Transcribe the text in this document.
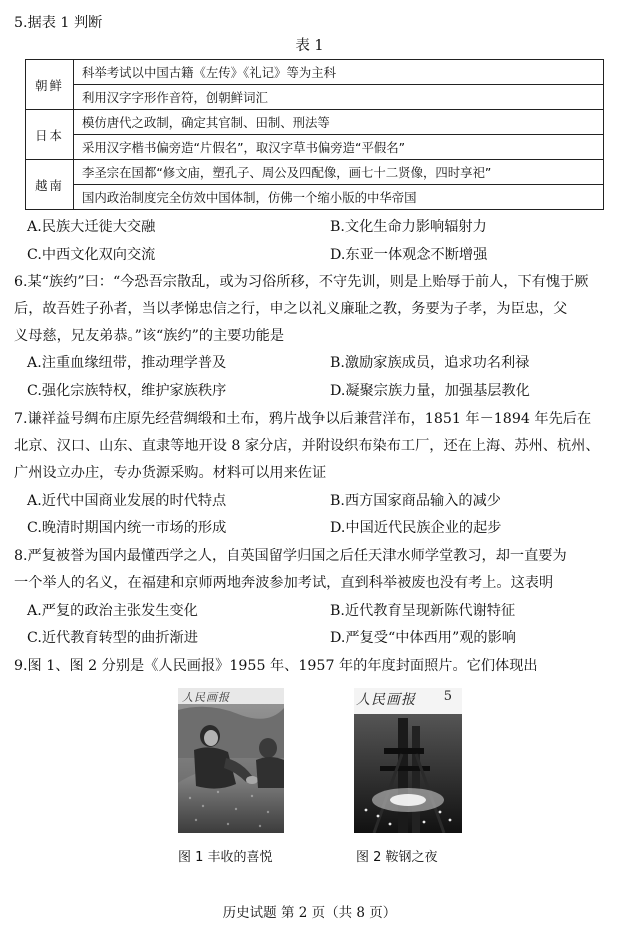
5.据表 1 判断
表 1
朝鲜	科举考试以中国古籍《左传》《礼记》等为主科
	利用汉字字形作音符，创朝鲜词汇
日本	模仿唐代之政制，确定其官制、田制、刑法等
	采用汉字楷书偏旁造“片假名”，取汉字草书偏旁造“平假名”
越南	李圣宗在国都“修文庙，塑孔子、周公及四配像，画七十二贤像，四时享祀”
	国内政治制度完全仿效中国体制，仿佛一个缩小版的中华帝国
A.民族大迁徙大交融	B.文化生命力影响辐射力
C.中西文化双向交流	D.东亚一体观念不断增强
6.某“族约”曰：“今恐吾宗散乱，或为习俗所移，不守先训，则是上贻辱于前人，下有愧于厥
后，故吾姓子孙者，当以孝悌忠信之行，申之以礼义廉耻之教，务要为子孝，为臣忠，父
义母慈，兄友弟恭。”该“族约”的主要功能是
A.注重血缘纽带，推动理学普及	B.激励家族成员，追求功名利禄
C.强化宗族特权，维护家族秩序	D.凝聚宗族力量，加强基层教化
7.谦祥益号绸布庄原先经营绸缎和土布，鸦片战争以后兼营洋布，1851 年－1894 年先后在
北京、汉口、山东、直隶等地开设 8 家分店，并附设织布染布工厂，还在上海、苏州、杭州、
广州设立办庄，专办货源采购。材料可以用来佐证
A.近代中国商业发展的时代特点	B.西方国家商品输入的减少
C.晚清时期国内统一市场的形成	D.中国近代民族企业的起步
8.严复被誉为国内最懂西学之人，自英国留学归国之后任天津水师学堂教习，却一直要为
一个举人的名义，在福建和京师两地奔波参加考试，直到科举被废也没有考上。这表明
A.严复的政治主张发生变化	B.近代教育呈现新陈代谢特征
C.近代教育转型的曲折渐进	D.严复受“中体西用”观的影响
9.图 1、图 2 分别是《人民画报》1955 年、1957 年的年度封面照片。它们体现出
人民画报	人民画报 5
图 1 丰收的喜悦	图 2 鞍钢之夜
历史试题 第 2 页（共 8 页）
